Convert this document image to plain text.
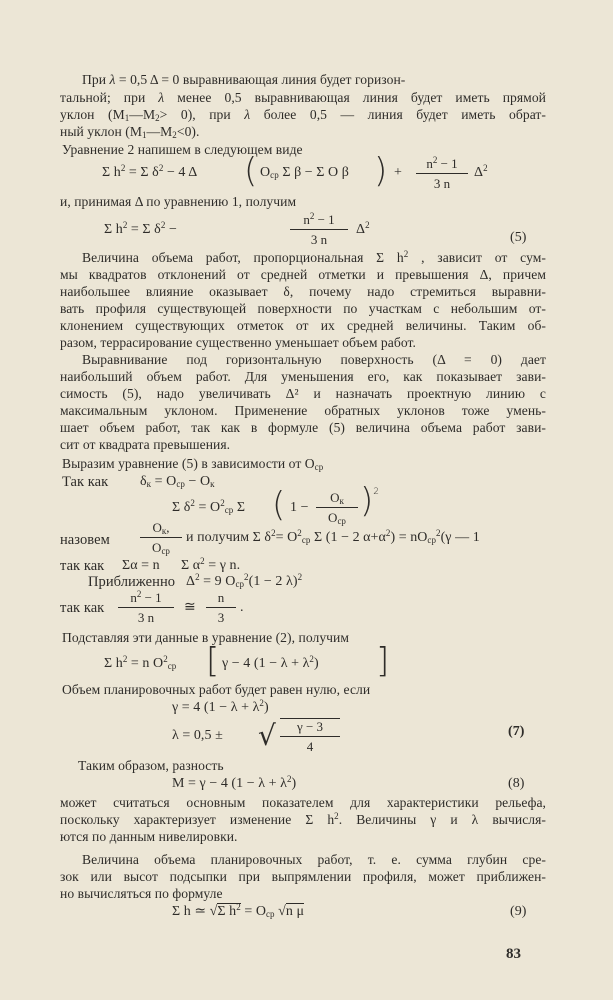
При λ = 0,5 Δ = 0 выравнивающая линия будет горизон-
тальной; при λ менее 0,5 выравнивающая линия будет иметь прямой
уклон $(M_1—M_2> 0)$, при λ более 0,5 — линия будет иметь обрат-
ный уклон $(M_1—M_2<0)$.
Уравнение 2 напишем в следующем виде
Σ $h^2 = \Sigma$ $\delta^2 - 4$ Δ ( $O_{ср}$ Σ β − Σ O β ) + $\frac{n^2 - 1}{3 n} \Delta^2$
и, принимая Δ по уравнению 1, получим
Σ $h^2 = \Sigma$ $\delta^2$ −	$\frac{n^2 - 1}{3 n} \Delta^2$
(5)
Величина объема работ, пропорциональная Σ $h^2$ , зависит от сум-
мы квадратов отклонений от средней отметки и превышения Δ, причем
наибольшее влияние оказывает δ, почему надо стремиться выравни-
вать профиля существующей поверхности по участкам с небольшим от-
клонением существующих отметок от их средней величины. Таким об-
разом, террасирование существенно уменьшает объем работ.
Выравнивание под горизонтальную поверхность (Δ = 0) дает
наибольший объем работ. Для уменьшения его, как показывает зави-
симость (5), надо увеличивать Δ² и назначать проектную линию с
максимальным уклоном. Применение обратных уклонов тоже умень-
шает объем работ, так как в формуле (5) величина объема работ зави-
сит от квадрата превышения.
Выразим уравнение (5) в зависимости от $O_{ср}$
Так как $\delta_к = O_{ср} - O_к$
Σ $\delta^2 = O^2_{ср}$ Σ ( 1 −
$O_к$
$O_{ср}$ )$^2$
назовем
$O_к$,
$O_{ср}$
и получим Σ $\delta^2= O^2_{ср}$ Σ (1 − 2 $\alpha+\alpha^2) = nO_{ср}^2(\gamma$ — 1
так как Σα = n      Σ $\alpha^2 = \gamma$ n.
Приближенно $\Delta^2 = 9$ $O_{ср}^2(1 - 2$ λ)$^2$
так как $\frac{n^2 - 1}{3 n}$ ≅ $\frac{n}{3}$ .
Подставляя эти данные в уравнение (2), получим
Σ $h^2 = n$ $O^2_{ср}$ [ γ − 4 $(1 - \lambda + \lambda^2)$ ]
Объем планировочных работ будет равен нулю, если
γ = 4 $(1 - \lambda + \lambda^2)$
λ = 0,5 ± √ $\frac{\gamma - 3}{4}$	(7)
Таким образом, разность
M = γ − 4 $(1 - \lambda + \lambda^2)$	(8)
может считаться основным показателем для характеристики рельефа,
поскольку характеризует изменение Σ $h^2$. Величины γ и λ вычисля-
ются по данным нивелировки.
Величина объема планировочных работ, т. е. сумма глубин сре-
зок или высот подсыпки при выпрямлении профиля, может приближен-
но вычисляться по формуле
Σ h ≃ √Σ $h^2 = O_{ср}$ √n μ	(9)
83
